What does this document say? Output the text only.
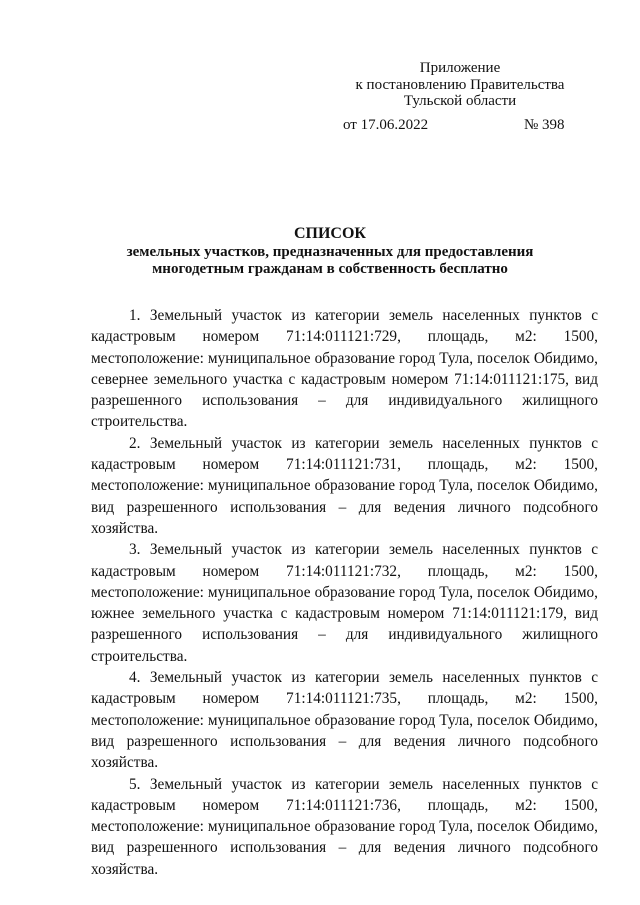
Приложение
к постановлению Правительства
Тульской области
от 17.06.2022	№ 398
СПИСОК
земельных участков, предназначенных для предоставления
многодетным гражданам в собственность бесплатно

1. Земельный участок из категории земель населенных пунктов с кадастровым номером 71:14:011121:729, площадь, м2: 1500, местоположение: муниципальное образование город Тула, поселок Обидимо, севернее земельного участка с кадастровым номером 71:14:011121:175, вид разрешенного использования – для индивидуального жилищного строительства.

2. Земельный участок из категории земель населенных пунктов с кадастровым номером 71:14:011121:731, площадь, м2: 1500, местоположение: муниципальное образование город Тула, поселок Обидимо, вид разрешенного использования – для ведения личного подсобного хозяйства.

3. Земельный участок из категории земель населенных пунктов с кадастровым номером 71:14:011121:732, площадь, м2: 1500, местоположение: муниципальное образование город Тула, поселок Обидимо, южнее земельного участка с кадастровым номером 71:14:011121:179, вид разрешенного использования – для индивидуального жилищного строительства.

4. Земельный участок из категории земель населенных пунктов с кадастровым номером 71:14:011121:735, площадь, м2: 1500, местоположение: муниципальное образование город Тула, поселок Обидимо, вид разрешенного использования – для ведения личного подсобного хозяйства.

5. Земельный участок из категории земель населенных пунктов с кадастровым номером 71:14:011121:736, площадь, м2: 1500, местоположение: муниципальное образование город Тула, поселок Обидимо, вид разрешенного использования – для ведения личного подсобного хозяйства.
